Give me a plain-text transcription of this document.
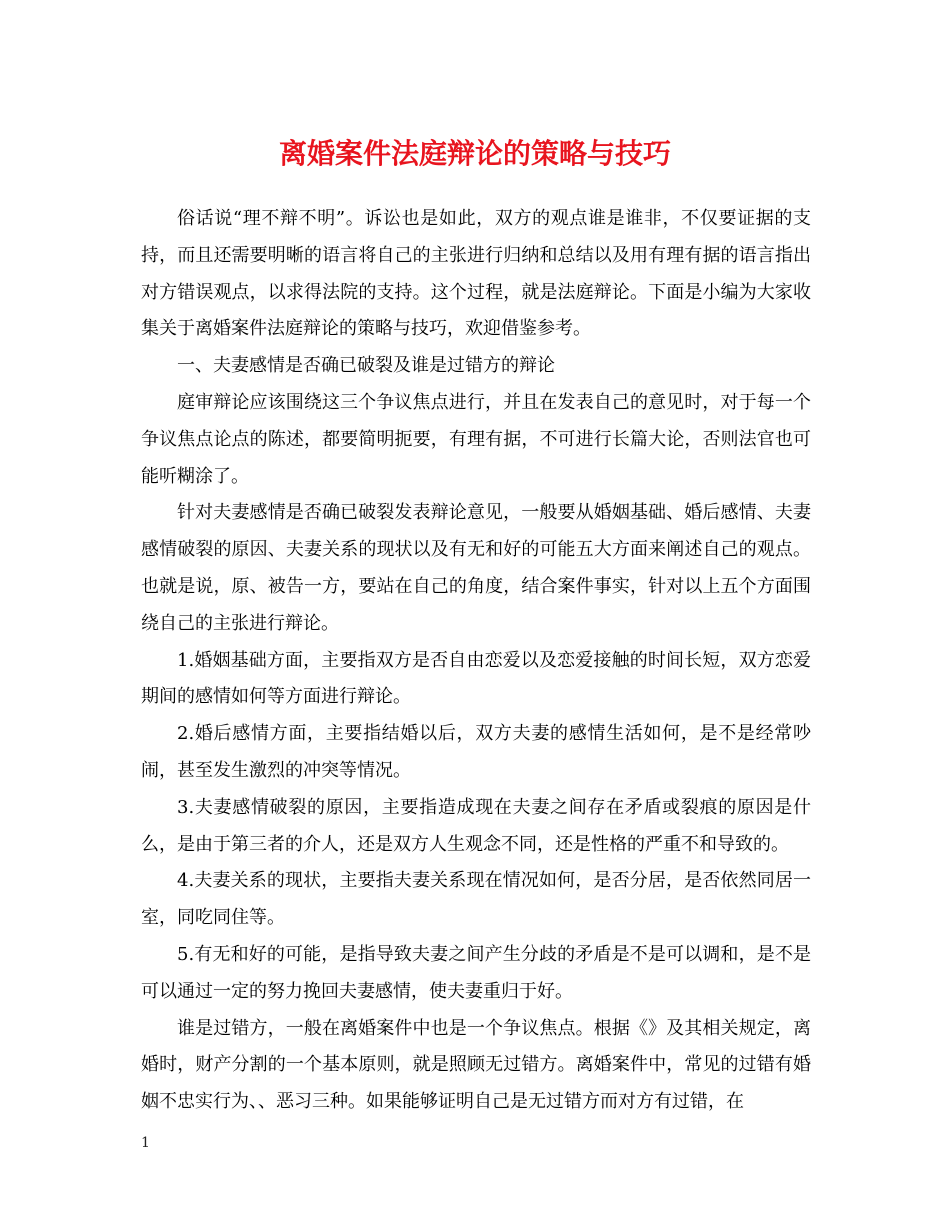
离婚案件法庭辩论的策略与技巧

俗话说“理不辩不明”。诉讼也是如此，双方的观点谁是谁非，不仅要证据的支持，而且还需要明晰的语言将自己的主张进行归纳和总结以及用有理有据的语言指出对方错误观点，以求得法院的支持。这个过程，就是法庭辩论。下面是小编为大家收集关于离婚案件法庭辩论的策略与技巧，欢迎借鉴参考。

一、夫妻感情是否确已破裂及谁是过错方的辩论

庭审辩论应该围绕这三个争议焦点进行，并且在发表自己的意见时，对于每一个争议焦点论点的陈述，都要简明扼要，有理有据，不可进行长篇大论，否则法官也可能听糊涂了。

针对夫妻感情是否确已破裂发表辩论意见，一般要从婚姻基础、婚后感情、夫妻感情破裂的原因、夫妻关系的现状以及有无和好的可能五大方面来阐述自己的观点。也就是说，原、被告一方，要站在自己的角度，结合案件事实，针对以上五个方面围绕自己的主张进行辩论。

1.婚姻基础方面，主要指双方是否自由恋爱以及恋爱接触的时间长短，双方恋爱期间的感情如何等方面进行辩论。

2.婚后感情方面，主要指结婚以后，双方夫妻的感情生活如何，是不是经常吵闹，甚至发生激烈的冲突等情况。

3.夫妻感情破裂的原因，主要指造成现在夫妻之间存在矛盾或裂痕的原因是什么，是由于第三者的介人，还是双方人生观念不同，还是性格的严重不和导致的。

4.夫妻关系的现状，主要指夫妻关系现在情况如何，是否分居，是否依然同居一室，同吃同住等。

5.有无和好的可能，是指导致夫妻之间产生分歧的矛盾是不是可以调和，是不是可以通过一定的努力挽回夫妻感情，使夫妻重归于好。

谁是过错方，一般在离婚案件中也是一个争议焦点。根据《》及其相关规定，离婚时，财产分割的一个基本原则，就是照顾无过错方。离婚案件中，常见的过错有婚姻不忠实行为、、恶习三种。如果能够证明自己是无过错方而对方有过错，在

1
